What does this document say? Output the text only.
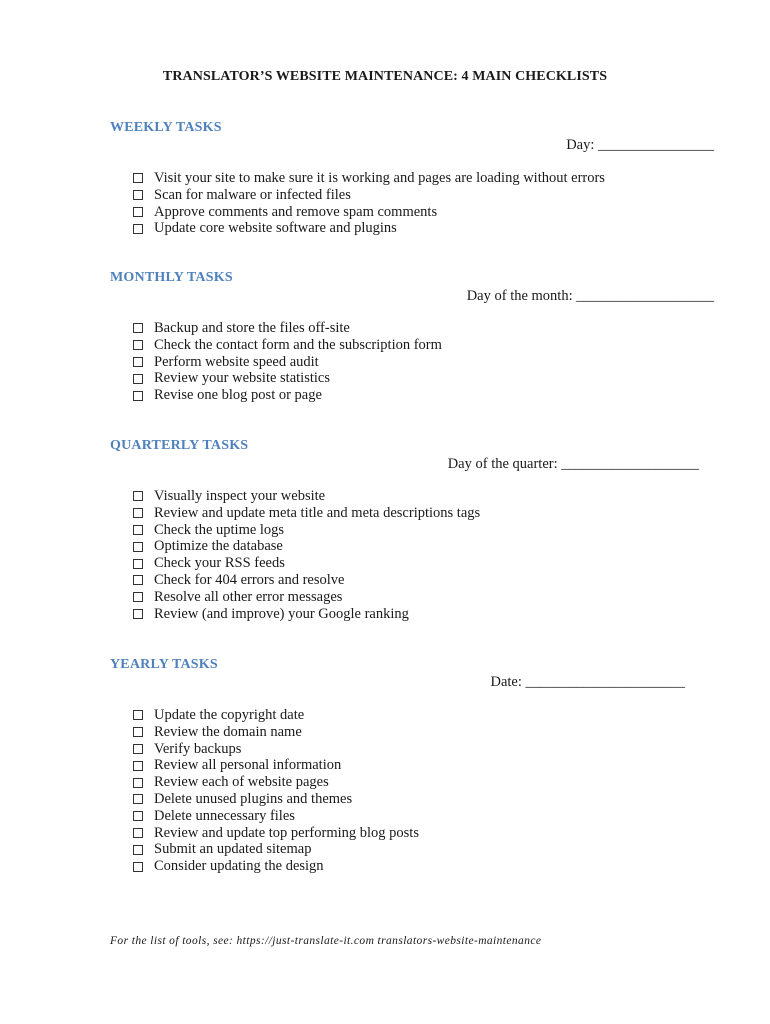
TRANSLATOR’S WEBSITE MAINTENANCE: 4 MAIN CHECKLISTS
WEEKLY TASKS
Day: ________________
Visit your site to make sure it is working and pages are loading without errors
Scan for malware or infected files
Approve comments and remove spam comments
Update core website software and plugins
MONTHLY TASKS
Day of the month: ___________________
Backup and store the files off-site
Check the contact form and the subscription form
Perform website speed audit
Review your website statistics
Revise one blog post or page
QUARTERLY TASKS
Day of the quarter: ___________________
Visually inspect your website
Review and update meta title and meta descriptions tags
Check the uptime logs
Optimize the database
Check your RSS feeds
Check for 404 errors and resolve
Resolve all other error messages
Review (and improve) your Google ranking
YEARLY TASKS
Date: ______________________
Update the copyright date
Review the domain name
Verify backups
Review all personal information
Review each of website pages
Delete unused plugins and themes
Delete unnecessary files
Review and update top performing blog posts
Submit an updated sitemap
Consider updating the design
For the list of tools, see: https://just-translate-it.com translators-website-maintenance
